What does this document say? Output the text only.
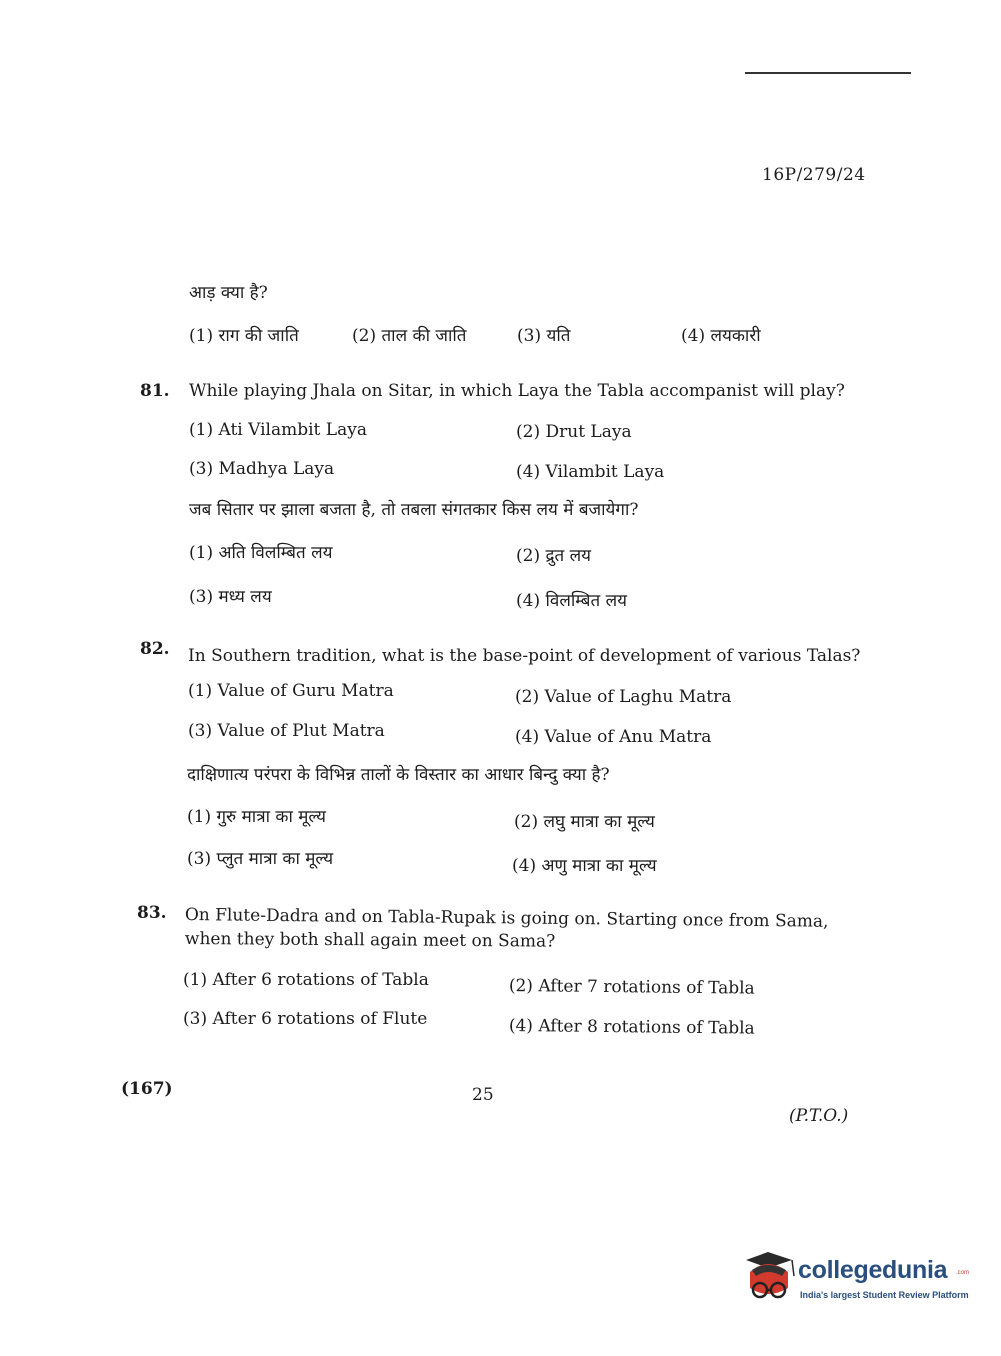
16P/279/24
आड़ क्या है?
(1) राग की जाति	(2) ताल की जाति	(3) यति	(4) लयकारी
81. While playing Jhala on Sitar, in which Laya the Tabla accompanist will play?
(1) Ati Vilambit Laya	(2) Drut Laya
(3) Madhya Laya	(4) Vilambit Laya
जब सितार पर झाला बजता है, तो तबला संगतकार किस लय में बजायेगा?
(1) अति विलम्बित लय	(2) द्रुत लय
(3) मध्य लय	(4) विलम्बित लय
82. In Southern tradition, what is the base-point of development of various Talas?
(1) Value of Guru Matra	(2) Value of Laghu Matra
(3) Value of Plut Matra	(4) Value of Anu Matra
दाक्षिणात्य परंपरा के विभिन्न तालों के विस्तार का आधार बिन्दु क्या है?
(1) गुरु मात्रा का मूल्य	(2) लघु मात्रा का मूल्य
(3) प्लुत मात्रा का मूल्य	(4) अणु मात्रा का मूल्य
83. On Flute-Dadra and on Tabla-Rupak is going on. Starting once from Sama,
when they both shall again meet on Sama?
(1) After 6 rotations of Tabla	(2) After 7 rotations of Tabla
(3) After 6 rotations of Flute	(4) After 8 rotations of Tabla
(167)	25
(P.T.O.)
collegedunia .com
India's largest Student Review Platform
